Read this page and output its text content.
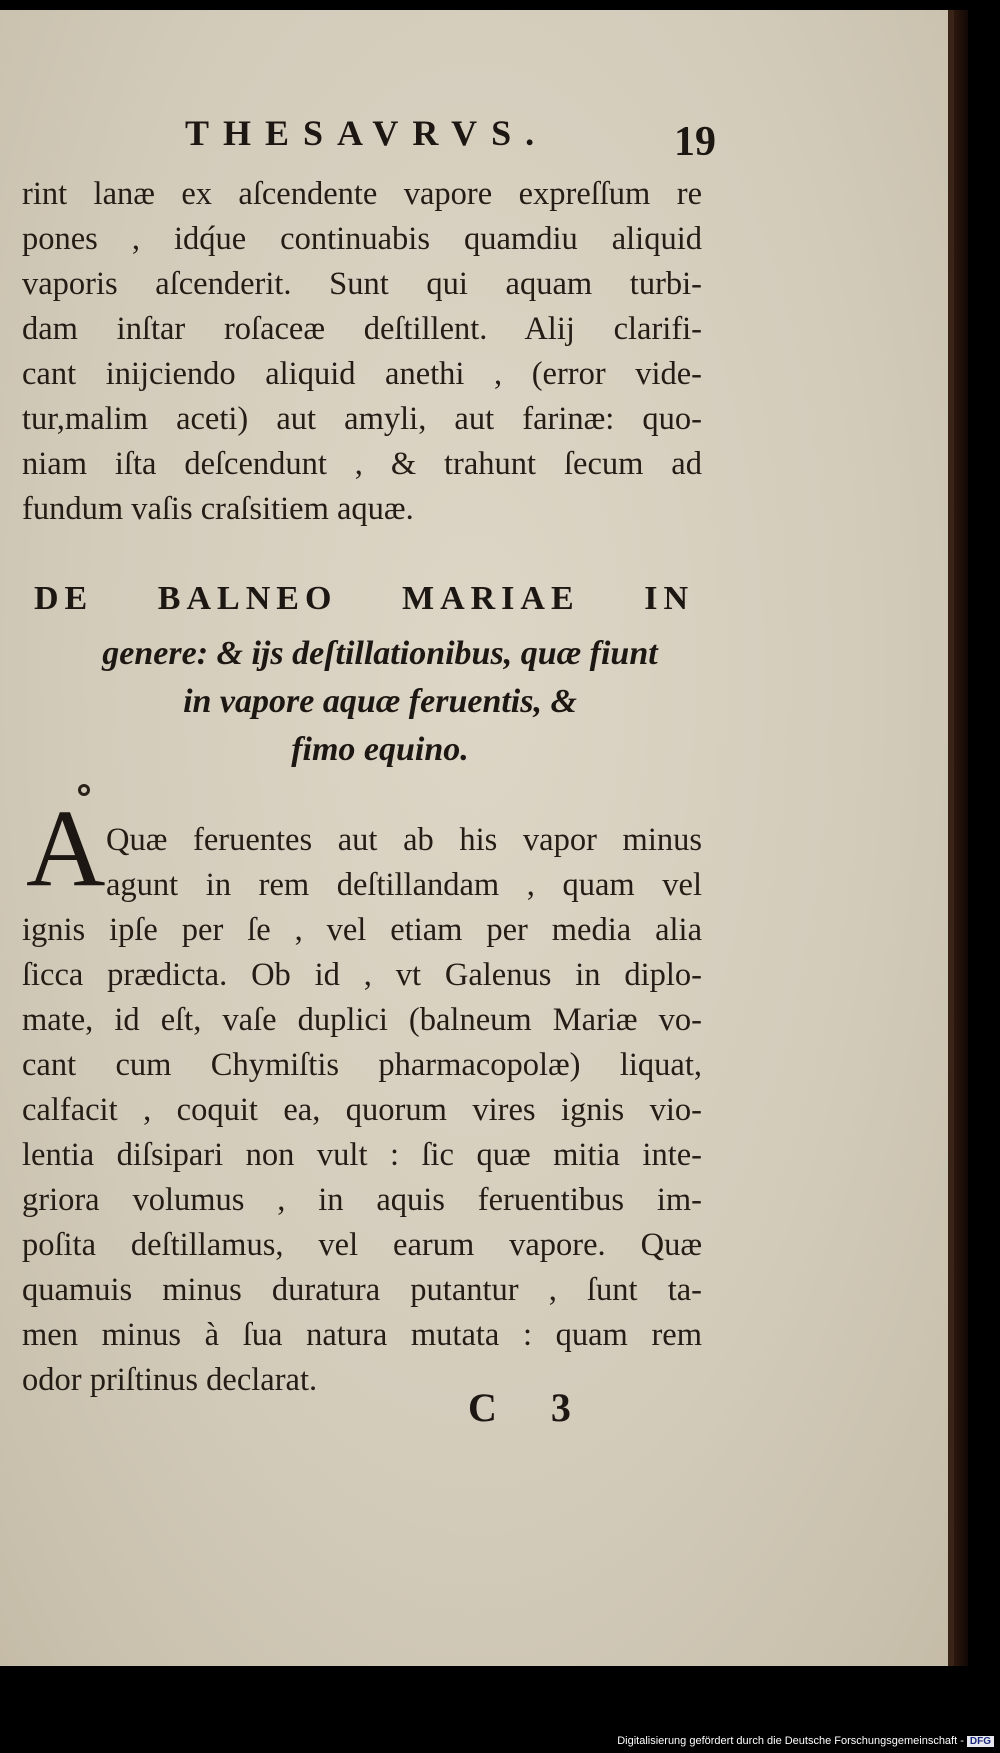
THESAVRVS.	19
rint lanæ ex aſcendente vapore expreſſum re
pones , idq́ue continuabis quamdiu aliquid
vaporis aſcenderit. Sunt qui aquam turbi-
dam inſtar roſaceæ deſtillent. Alij clarifi-
cant inijciendo aliquid anethi , (error vide-
tur,malim aceti) aut amyli, aut farinæ: quo-
niam iſta deſcendunt , & trahunt ſecum ad
fundum vaſis craſsitiem aquæ.
DE BALNEO MARIAE IN
genere: & ijs deſtillationibus, quæ fiunt
in vapore aquæ feruentis, &
fimo equino.
A Quæ feruentes aut ab his vapor minus
agunt in rem deſtillandam , quam vel
ignis ipſe per ſe , vel etiam per media alia
ſicca prædicta. Ob id , vt Galenus in diplo-
mate, id eſt, vaſe duplici (balneum Mariæ vo-
cant cum Chymiſtis pharmacopolæ) liquat,
calfacit , coquit ea, quorum vires ignis vio-
lentia diſsipari non vult : ſic quæ mitia inte-
griora volumus , in aquis feruentibus im-
poſita deſtillamus, vel earum vapore. Quæ
quamuis minus duratura putantur , ſunt ta-
men minus à ſua natura mutata : quam rem
odor priſtinus declarat.
C 3
Digitalisierung gefördert durch die Deutsche Forschungsgemeinschaft - DFG
